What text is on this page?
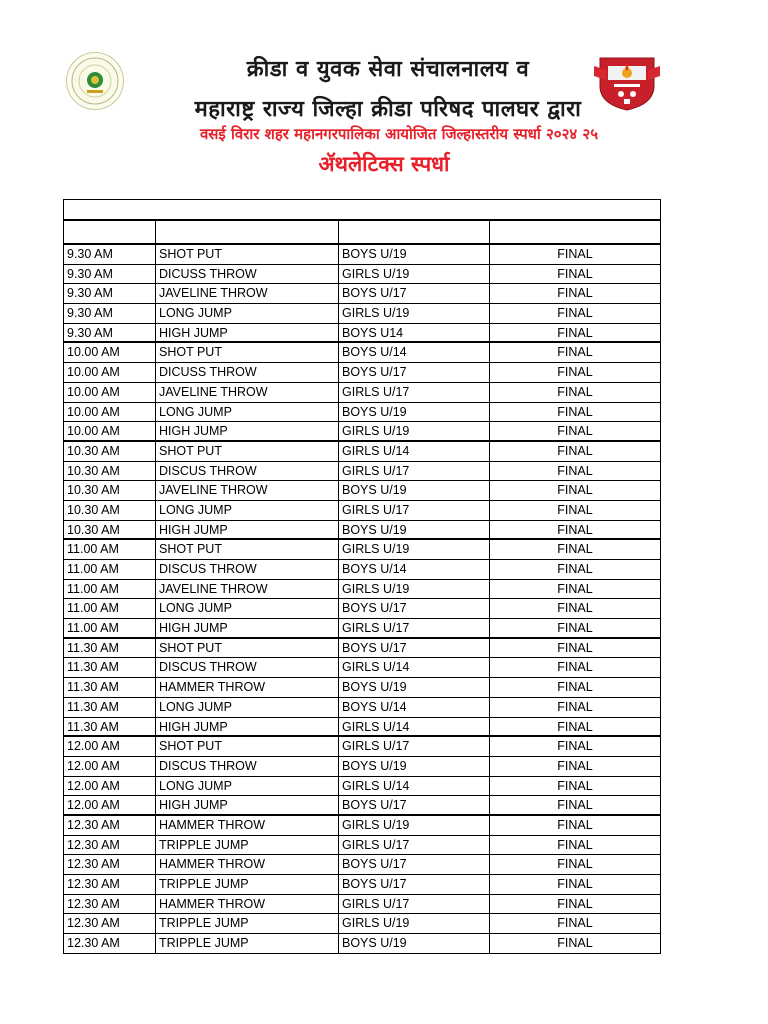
क्रीडा व युवक सेवा संचालनालय व
महाराष्ट्र राज्य जिल्हा क्रीडा परिषद पालघर द्वारा
वसई विरार शहर महानगरपालिका आयोजित जिल्हास्तरीय स्पर्धा २०२४ २५
ॲथलेटिक्स स्पर्धा
9.30 AM	SHOT PUT	BOYS U/19	FINAL
9.30 AM	DICUSS THROW	GIRLS U/19	FINAL
9.30 AM	JAVELINE THROW	BOYS U/17	FINAL
9.30 AM	LONG JUMP	GIRLS U/19	FINAL
9.30 AM	HIGH JUMP	BOYS U14	FINAL
10.00 AM	SHOT PUT	BOYS U/14	FINAL
10.00 AM	DICUSS THROW	BOYS U/17	FINAL
10.00 AM	JAVELINE THROW	GIRLS U/17	FINAL
10.00 AM	LONG JUMP	BOYS U/19	FINAL
10.00 AM	HIGH JUMP	GIRLS U/19	FINAL
10.30 AM	SHOT PUT	GIRLS U/14	FINAL
10.30 AM	DISCUS THROW	GIRLS U/17	FINAL
10.30 AM	JAVELINE THROW	BOYS U/19	FINAL
10.30 AM	LONG JUMP	GIRLS U/17	FINAL
10.30 AM	HIGH JUMP	BOYS U/19	FINAL
11.00 AM	SHOT PUT	GIRLS U/19	FINAL
11.00 AM	DISCUS THROW	BOYS U/14	FINAL
11.00 AM	JAVELINE THROW	GIRLS U/19	FINAL
11.00 AM	LONG JUMP	BOYS U/17	FINAL
11.00 AM	HIGH JUMP	GIRLS U/17	FINAL
11.30 AM	SHOT PUT	BOYS U/17	FINAL
11.30 AM	DISCUS THROW	GIRLS U/14	FINAL
11.30 AM	HAMMER THROW	BOYS U/19	FINAL
11.30 AM	LONG JUMP	BOYS U/14	FINAL
11.30 AM	HIGH JUMP	GIRLS U/14	FINAL
12.00 AM	SHOT PUT	GIRLS U/17	FINAL
12.00 AM	DISCUS THROW	BOYS U/19	FINAL
12.00 AM	LONG JUMP	GIRLS U/14	FINAL
12.00 AM	HIGH JUMP	BOYS U/17	FINAL
12.30 AM	HAMMER THROW	GIRLS U/19	FINAL
12.30 AM	TRIPPLE JUMP	GIRLS U/17	FINAL
12.30 AM	HAMMER THROW	BOYS U/17	FINAL
12.30 AM	TRIPPLE JUMP	BOYS U/17	FINAL
12.30 AM	HAMMER THROW	GIRLS U/17	FINAL
12.30 AM	TRIPPLE JUMP	GIRLS U/19	FINAL
12.30 AM	TRIPPLE JUMP	BOYS U/19	FINAL
